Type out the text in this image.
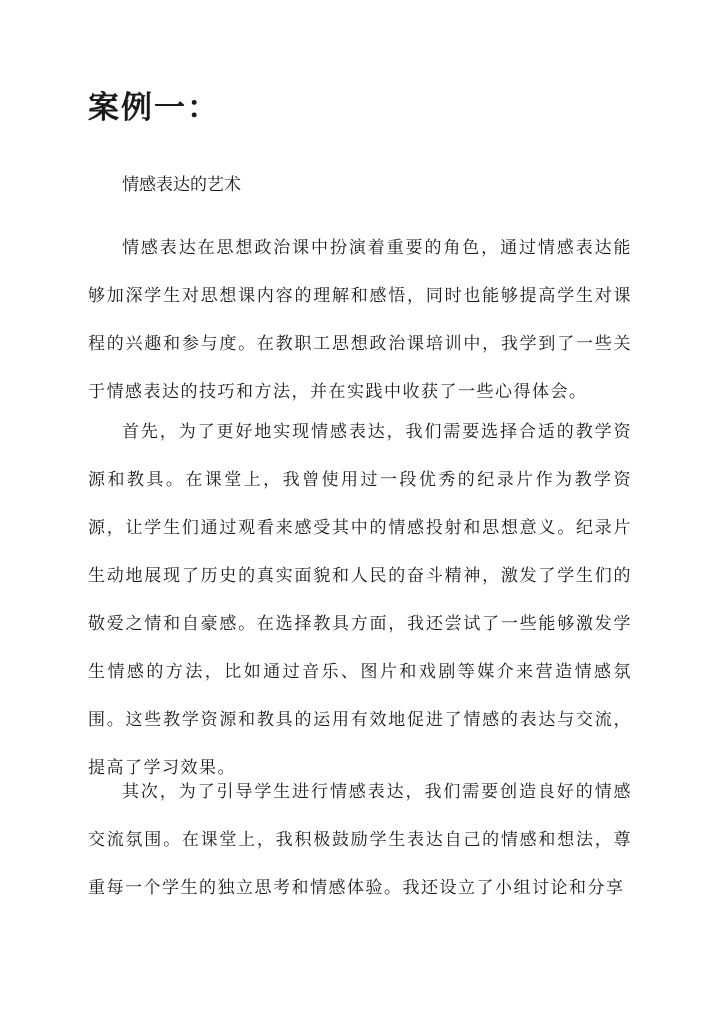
案例一：

情感表达的艺术

情感表达在思想政治课中扮演着重要的角色，通过情感表达能够加深学生对思想课内容的理解和感悟，同时也能够提高学生对课程的兴趣和参与度。在教职工思想政治课培训中，我学到了一些关于情感表达的技巧和方法，并在实践中收获了一些心得体会。

首先，为了更好地实现情感表达，我们需要选择合适的教学资源和教具。在课堂上，我曾使用过一段优秀的纪录片作为教学资源，让学生们通过观看来感受其中的情感投射和思想意义。纪录片生动地展现了历史的真实面貌和人民的奋斗精神，激发了学生们的敬爱之情和自豪感。在选择教具方面，我还尝试了一些能够激发学生情感的方法，比如通过音乐、图片和戏剧等媒介来营造情感氛围。这些教学资源和教具的运用有效地促进了情感的表达与交流，提高了学习效果。

其次，为了引导学生进行情感表达，我们需要创造良好的情感交流氛围。在课堂上，我积极鼓励学生表达自己的情感和想法，尊重每一个学生的独立思考和情感体验。我还设立了小组讨论和分享
